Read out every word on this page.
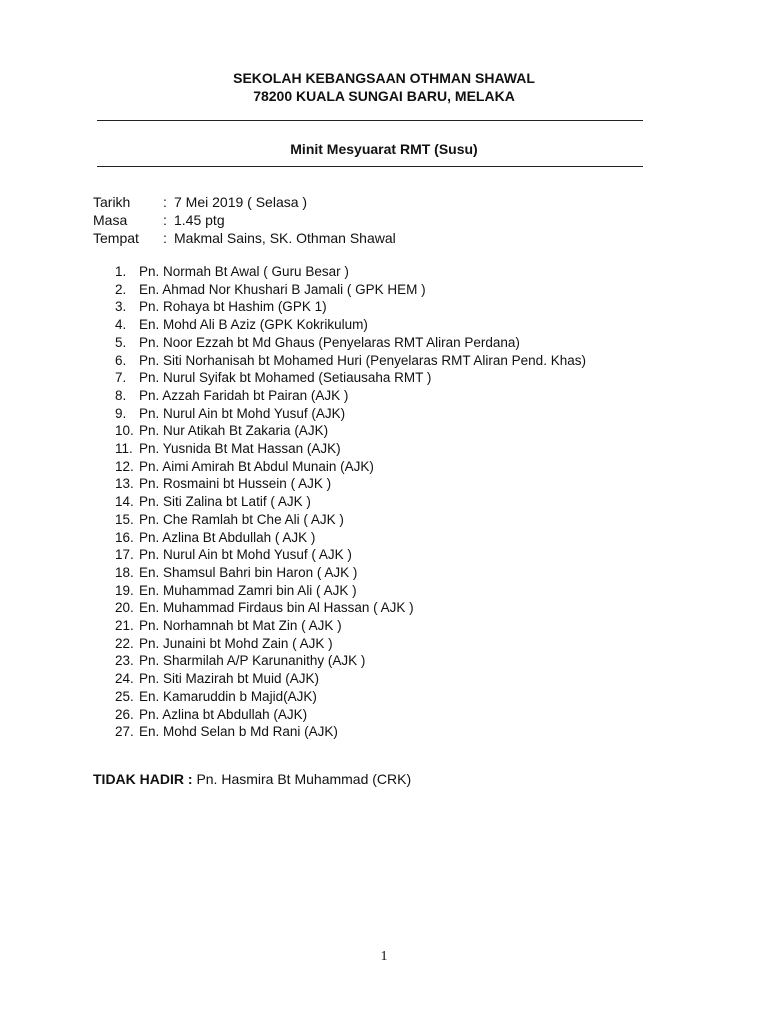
SEKOLAH KEBANGSAAN OTHMAN SHAWAL
78200 KUALA SUNGAI BARU, MELAKA
Minit Mesyuarat RMT (Susu)
Tarikh	: 7 Mei 2019 ( Selasa )
Masa	: 1.45 ptg
Tempat	: Makmal Sains, SK. Othman Shawal
1. Pn. Normah Bt Awal ( Guru Besar )
2. En. Ahmad Nor Khushari B Jamali ( GPK HEM )
3. Pn. Rohaya bt Hashim (GPK 1)
4. En. Mohd Ali B Aziz (GPK Kokrikulum)
5. Pn. Noor Ezzah bt Md Ghaus (Penyelaras RMT Aliran Perdana)
6. Pn. Siti Norhanisah bt Mohamed Huri (Penyelaras RMT Aliran Pend. Khas)
7. Pn. Nurul Syifak bt Mohamed (Setiausaha RMT )
8. Pn. Azzah Faridah bt Pairan (AJK )
9. Pn. Nurul Ain bt Mohd Yusuf (AJK)
10. Pn. Nur Atikah Bt Zakaria (AJK)
11. Pn. Yusnida Bt Mat Hassan (AJK)
12. Pn. Aimi Amirah Bt Abdul Munain (AJK)
13. Pn. Rosmaini bt Hussein ( AJK )
14. Pn. Siti Zalina bt Latif ( AJK )
15. Pn. Che Ramlah bt Che Ali ( AJK )
16. Pn. Azlina Bt Abdullah ( AJK )
17. Pn. Nurul Ain bt Mohd Yusuf ( AJK )
18. En. Shamsul Bahri bin Haron ( AJK )
19. En. Muhammad Zamri bin Ali ( AJK )
20. En. Muhammad Firdaus bin Al Hassan ( AJK )
21. Pn. Norhamnah bt Mat Zin ( AJK )
22. Pn. Junaini bt Mohd Zain ( AJK )
23. Pn. Sharmilah A/P Karunanithy (AJK )
24. Pn. Siti Mazirah bt Muid (AJK)
25. En. Kamaruddin b Majid(AJK)
26. Pn. Azlina bt Abdullah (AJK)
27. En. Mohd Selan b Md Rani (AJK)
TIDAK HADIR : Pn. Hasmira Bt Muhammad (CRK)
1
